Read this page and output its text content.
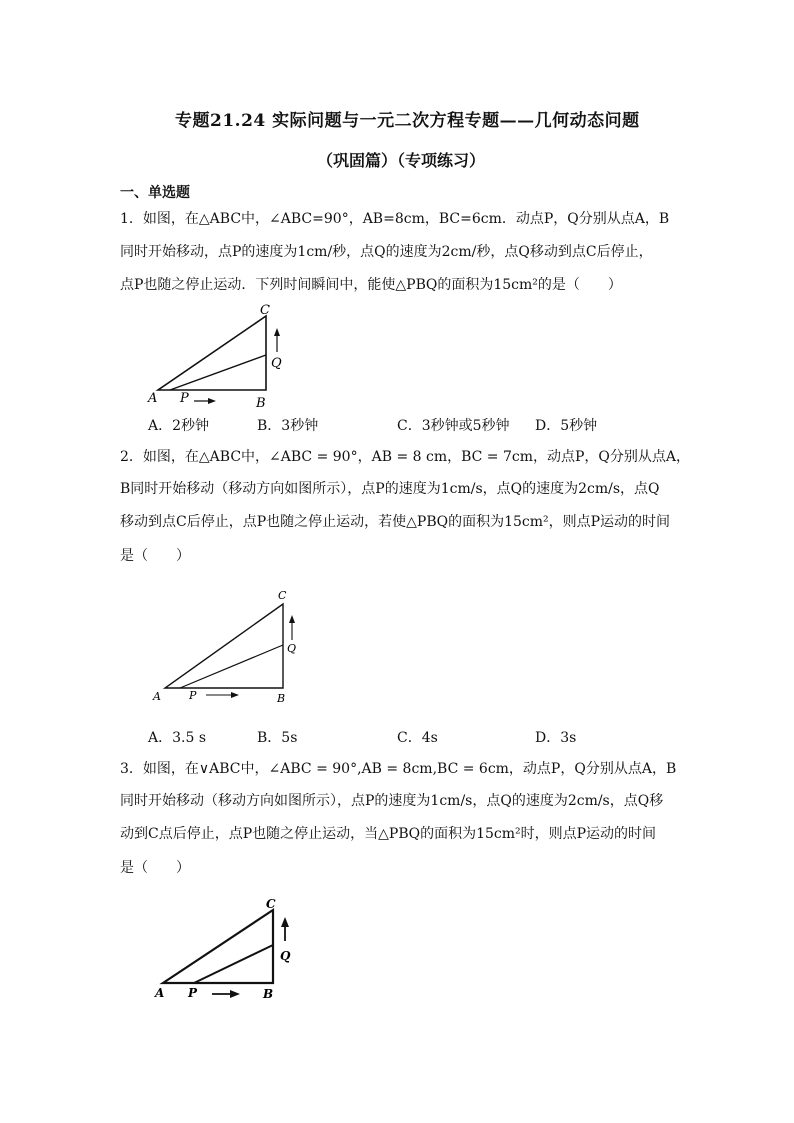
专题21.24 实际问题与一元二次方程专题——几何动态问题
（巩固篇）（专项练习）
一、单选题
1．如图，在△ABC中，∠ABC=90°，AB=8cm，BC=6cm．动点P，Q分别从点A，B
同时开始移动，点P的速度为1cm/秒，点Q的速度为2cm/秒，点Q移动到点C后停止，
点P也随之停止运动．下列时间瞬间中，能使△PBQ的面积为15cm²的是（　　）
A P	B
C
Q
A．2秒钟	B．3秒钟	C．3秒钟或5秒钟 D．5秒钟
2．如图，在△ABC中，∠ABC = 90°，AB = 8 cm，BC = 7cm，动点P，Q分别从点A，
B同时开始移动（移动方向如图所示），点P的速度为1cm/s，点Q的速度为2cm/s，点Q
移动到点C后停止，点P也随之停止运动，若使△PBQ的面积为15cm²，则点P运动的时间
是（　　）
A	P	B
C
Q
A．3.5 s	B．5s	C．4s	D．3s
3．如图，在∨ABC中，∠ABC = 90°,AB = 8cm,BC = 6cm，动点P，Q分别从点A，B
同时开始移动（移动方向如图所示），点P的速度为1cm/s，点Q的速度为2cm/s，点Q移
动到C点后停止，点P也随之停止运动，当△PBQ的面积为15cm²时，则点P运动的时间
是（　　）
A P	B
C
Q
